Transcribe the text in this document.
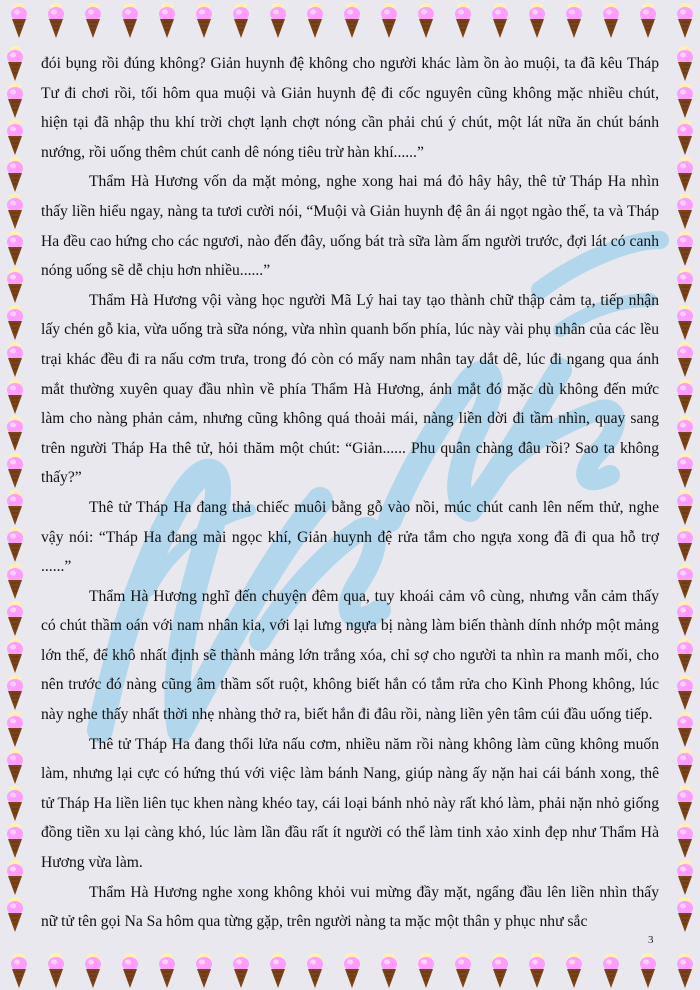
đói bụng rồi đúng không? Giản huynh đệ không cho người khác làm ồn ào muội, ta đã kêu Tháp Tư đi chơi rồi, tối hôm qua muội và Giản huynh đệ đi cốc nguyên cũng không mặc nhiều chút, hiện tại đã nhập thu khí trời chợt lạnh chợt nóng cần phải chú ý chút, một lát nữa ăn chút bánh nướng, rồi uống thêm chút canh dê nóng tiêu trừ hàn khí......”

Thẩm Hà Hương vốn da mặt mỏng, nghe xong hai má đỏ hây hây, thê tử Tháp Ha nhìn thấy liền hiểu ngay, nàng ta tươi cười nói, “Muội và Giản huynh đệ ân ái ngọt ngào thế, ta và Tháp Ha đều cao hứng cho các ngươi, nào đến đây, uống bát trà sữa làm ấm người trước, đợi lát có canh nóng uống sẽ dễ chịu hơn nhiều......”

Thẩm Hà Hương vội vàng học người Mã Lý hai tay tạo thành chữ thập cảm tạ, tiếp nhận lấy chén gỗ kia, vừa uống trà sữa nóng, vừa nhìn quanh bốn phía, lúc này vài phụ nhân của các lều trại khác đều đi ra nấu cơm trưa, trong đó còn có mấy nam nhân tay dắt dê, lúc đi ngang qua ánh mắt thường xuyên quay đầu nhìn về phía Thẩm Hà Hương, ánh mắt đó mặc dù không đến mức làm cho nàng phản cảm, nhưng cũng không quá thoải mái, nàng liền dời đi tầm nhìn, quay sang trên người Tháp Ha thê tử, hỏi thăm một chút: “Giản...... Phu quân chàng đâu rồi? Sao ta không thấy?”

Thê tử Tháp Ha đang thả chiếc muôi bằng gỗ vào nồi, múc chút canh lên nếm thử, nghe vậy nói: “Tháp Ha đang mài ngọc khí, Giản huynh đệ rửa tắm cho ngựa xong đã đi qua hỗ trợ ......”

Thẩm Hà Hương nghĩ đến chuyện đêm qua, tuy khoái cảm vô cùng, nhưng vẫn cảm thấy có chút thầm oán với nam nhân kia, với lại lưng ngựa bị nàng làm biến thành dính nhớp một mảng lớn thế, để khô nhất định sẽ thành mảng lớn trắng xóa, chỉ sợ cho người ta nhìn ra manh mối, cho nên trước đó nàng cũng âm thầm sốt ruột, không biết hắn có tắm rửa cho Kình Phong không, lúc này nghe thấy nhất thời nhẹ nhàng thở ra, biết hắn đi đâu rồi, nàng liền yên tâm cúi đầu uống tiếp.

Thê tử Tháp Ha đang thổi lửa nấu cơm, nhiều năm rồi nàng không làm cũng không muốn làm, nhưng lại cực có hứng thú với việc làm bánh Nang, giúp nàng ấy nặn hai cái bánh xong, thê tử Tháp Ha liền liên tục khen nàng khéo tay, cái loại bánh nhỏ này rất khó làm, phải nặn nhỏ giống đồng tiền xu lại càng khó, lúc làm lần đầu rất ít người có thể làm tinh xảo xinh đẹp như Thẩm Hà Hương vừa làm.

Thẩm Hà Hương nghe xong không khỏi vui mừng đầy mặt, ngẩng đầu lên liền nhìn thấy nữ tử tên gọi Na Sa hôm qua từng gặp, trên người nàng ta mặc một thân y phục như sắc

3
